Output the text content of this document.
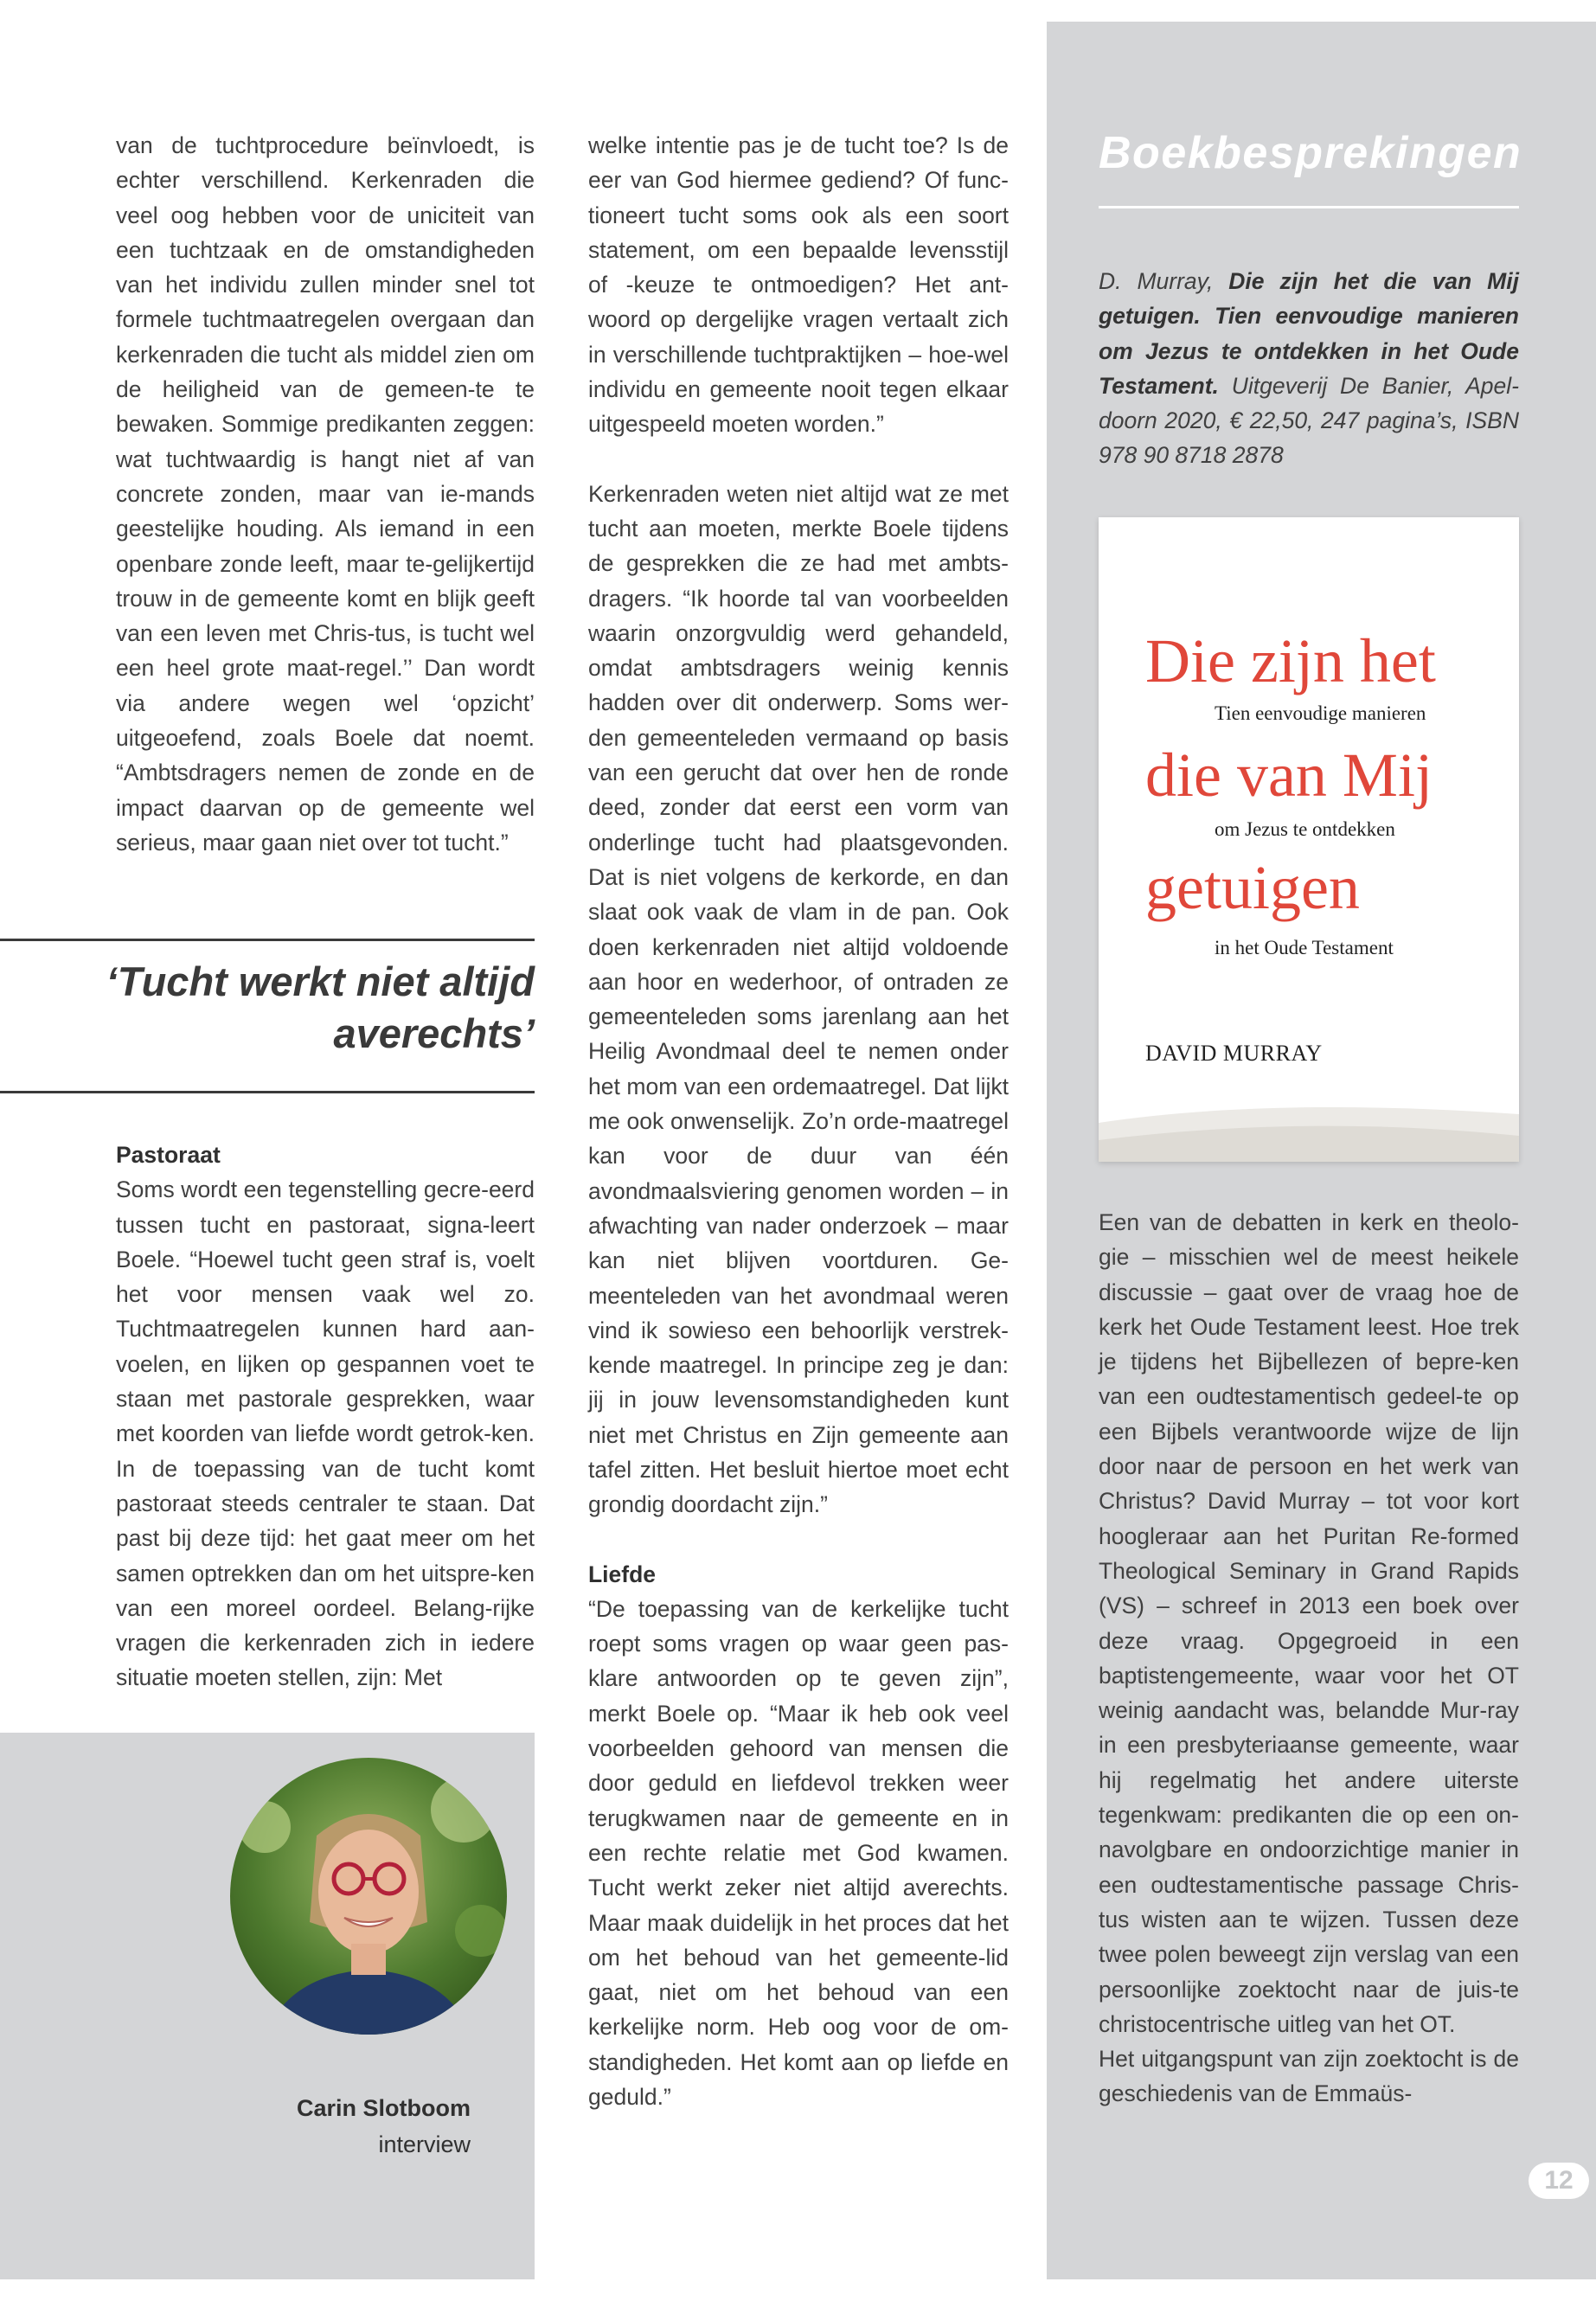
van de tuchtprocedure beïnvloedt, is echter verschillend. Kerkenraden die veel oog hebben voor de uniciteit van een tuchtzaak en de omstandigheden van het individu zullen minder snel tot formele tuchtmaatregelen overgaan dan kerkenraden die tucht als middel zien om de heiligheid van de gemeen-te te bewaken. Sommige predikanten zeggen: wat tuchtwaardig is hangt niet af van concrete zonden, maar van ie-mands geestelijke houding. Als iemand in een openbare zonde leeft, maar te-gelijkertijd trouw in de gemeente komt en blijk geeft van een leven met Chris-tus, is tucht wel een heel grote maat-regel.’’ Dan wordt via andere wegen wel ‘opzicht’ uitgeoefend, zoals Boele dat noemt. “Ambtsdragers nemen de zonde en de impact daarvan op de gemeente wel serieus, maar gaan niet over tot tucht.”

‘Tucht werkt niet altijd averechts’

Pastoraat

Soms wordt een tegenstelling gecre-eerd tussen tucht en pastoraat, signa-leert Boele. “Hoewel tucht geen straf is, voelt het voor mensen vaak wel zo. Tuchtmaatregelen kunnen hard aan-voelen, en lijken op gespannen voet te staan met pastorale gesprekken, waar met koorden van liefde wordt getrok-ken. In de toepassing van de tucht komt pastoraat steeds centraler te staan. Dat past bij deze tijd: het gaat meer om het samen optrekken dan om het uitspre-ken van een moreel oordeel. Belang-rijke vragen die kerkenraden zich in iedere situatie moeten stellen, zijn: Met

Carin Slotboom
interview

welke intentie pas je de tucht toe? Is de eer van God hiermee gediend? Of func-tioneert tucht soms ook als een soort statement, om een bepaalde levensstijl of -keuze te ontmoedigen? Het ant-woord op dergelijke vragen vertaalt zich in verschillende tuchtpraktijken – hoe-wel individu en gemeente nooit tegen elkaar uitgespeeld moeten worden.”

Kerkenraden weten niet altijd wat ze met tucht aan moeten, merkte Boele tijdens de gesprekken die ze had met ambts-dragers. “Ik hoorde tal van voorbeelden waarin onzorgvuldig werd gehandeld, omdat ambtsdragers weinig kennis hadden over dit onderwerp. Soms wer-den gemeenteleden vermaand op basis van een gerucht dat over hen de ronde deed, zonder dat eerst een vorm van onderlinge tucht had plaatsgevonden. Dat is niet volgens de kerkorde, en dan slaat ook vaak de vlam in de pan. Ook doen kerkenraden niet altijd voldoende aan hoor en wederhoor, of ontraden ze gemeenteleden soms jarenlang aan het Heilig Avondmaal deel te nemen onder het mom van een ordemaatregel. Dat lijkt me ook onwenselijk. Zo’n orde-maatregel kan voor de duur van één avondmaalsviering genomen worden – in afwachting van nader onderzoek – maar kan niet blijven voortduren. Ge-meenteleden van het avondmaal weren vind ik sowieso een behoorlijk verstrek-kende maatregel. In principe zeg je dan: jij in jouw levensomstandigheden kunt niet met Christus en Zijn gemeente aan tafel zitten. Het besluit hiertoe moet echt grondig doordacht zijn.”

Liefde

“De toepassing van de kerkelijke tucht roept soms vragen op waar geen pas-klare antwoorden op te geven zijn”, merkt Boele op. “Maar ik heb ook veel voorbeelden gehoord van mensen die door geduld en liefdevol trekken weer terugkwamen naar de gemeente en in een rechte relatie met God kwamen. Tucht werkt zeker niet altijd averechts. Maar maak duidelijk in het proces dat het om het behoud van het gemeente-lid gaat, niet om het behoud van een kerkelijke norm. Heb oog voor de om-standigheden. Het komt aan op liefde en geduld.”

Boekbesprekingen
D. Murray, Die zijn het die van Mij getuigen. Tien eenvoudige manieren om Jezus te ontdekken in het Oude Testament. Uitgeverij De Banier, Apel-doorn 2020, € 22,50, 247 pagina’s, ISBN 978 90 8718 2878
Die zijn het
Tien eenvoudige manieren
die van Mij
om Jezus te ontdekken
getuigen
in het Oude Testament
DAVID MURRAY

Een van de debatten in kerk en theolo-gie – misschien wel de meest heikele discussie – gaat over de vraag hoe de kerk het Oude Testament leest. Hoe trek je tijdens het Bijbellezen of bepre-ken van een oudtestamentisch gedeel-te op een Bijbels verantwoorde wijze de lijn door naar de persoon en het werk van Christus? David Murray – tot voor kort hoogleraar aan het Puritan Re-formed Theological Seminary in Grand Rapids (VS) – schreef in 2013 een boek over deze vraag. Opgegroeid in een baptistengemeente, waar voor het OT weinig aandacht was, belandde Mur-ray in een presbyteriaanse gemeente, waar hij regelmatig het andere uiterste tegenkwam: predikanten die op een on-navolgbare en ondoorzichtige manier in een oudtestamentische passage Chris-tus wisten aan te wijzen. Tussen deze twee polen beweegt zijn verslag van een persoonlijke zoektocht naar de juis-te christocentrische uitleg van het OT.

Het uitgangspunt van zijn zoektocht is de geschiedenis van de Emmaüs-

12
